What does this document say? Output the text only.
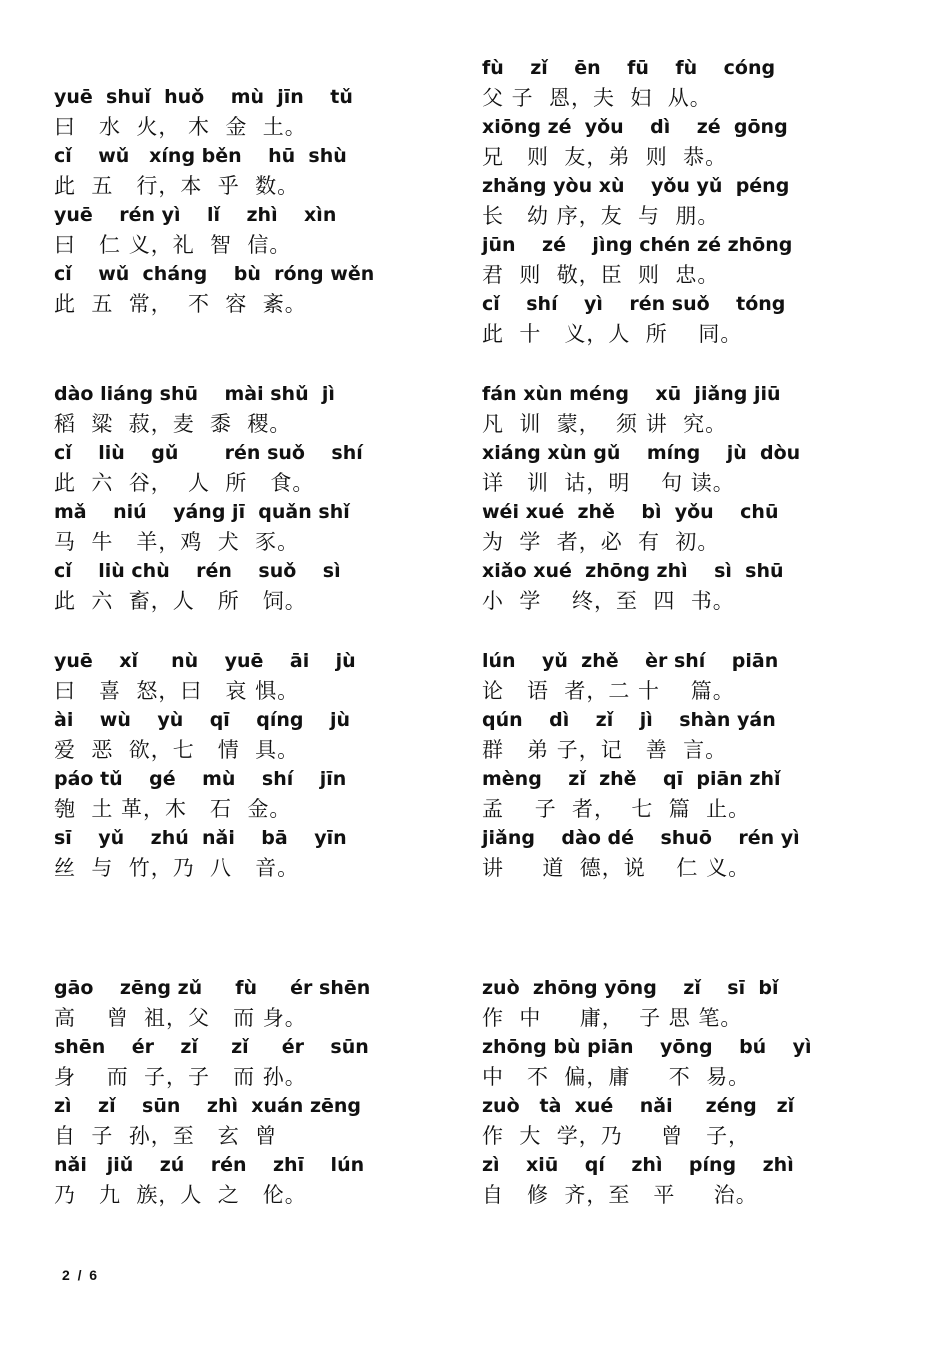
yuē  shuǐ  huǒ    mù  jīn    tǔ
曰   水  火， 木  金  土。
cǐ    wǔ   xíng běn    hū  shù
此  五   行，本  乎  数。
yuē    rén yì    lǐ    zhì    xìn
曰   仁 义，礼  智  信。
cǐ    wǔ  cháng    bù  róng wěn
此  五  常，  不  容  紊。
dào liáng shū    mài shǔ  jì
稻  粱  菽，麦  黍  稷。
cǐ    liù    gǔ       rén suǒ    shí
此  六  谷，  人  所   食。
mǎ    niú    yáng jī  quǎn shǐ
马  牛   羊，鸡  犬  豕。
cǐ    liù chù    rén    suǒ    sì
此  六  畜，人   所   饲。
yuē    xǐ     nù    yuē    āi    jù
曰   喜  怒，曰   哀 惧。
ài    wù    yù    qī    qíng    jù
爱  恶  欲，七   情  具。
páo tǔ    gé    mù    shí    jīn
匏  土 革，木   石  金。
sī    yǔ    zhú  nǎi    bā    yīn
丝  与  竹，乃  八   音。
gāo    zēng zǔ     fù     ér shēn
高    曾  祖，父   而 身。
shēn    ér    zǐ     zǐ     ér    sūn
身    而  子，子   而 孙。
zì    zǐ    sūn    zhì  xuán zēng
自  子  孙，至   玄  曾
nǎi   jiǔ    zú    rén    zhī    lún
乃   九  族，人  之   伦。
fù    zǐ    ēn    fū    fù    cóng
父 子  恩，夫  妇  从。
xiōng zé  yǒu    dì    zé  gōng
兄   则  友，弟  则  恭。
zhǎng yòu xù    yǒu yǔ  péng
长   幼 序，友  与  朋。
jūn    zé    jìng chén zé zhōng
君  则  敬，臣  则  忠。
cǐ    shí    yì    rén suǒ    tóng
此  十   义，人  所    同。
fán xùn méng    xū  jiǎng jiū
凡  训  蒙，  须 讲  究。
xiáng xùn gǔ    míng    jù  dòu
详   训  诂，明    句 读。
wéi xué  zhě    bì  yǒu    chū
为  学  者，必  有  初。
xiǎo xué  zhōng zhì    sì  shū
小  学    终，至  四  书。
lún    yǔ  zhě    èr shí    piān
论   语  者，二 十    篇。
qún    dì    zǐ    jì    shàn yán
群   弟 子，记   善  言。
mèng    zǐ  zhě    qī  piān zhǐ
孟    子  者，  七  篇  止。
jiǎng    dào dé    shuō    rén yì
讲     道  德，说    仁 义。
zuò  zhōng yōng    zǐ    sī  bǐ
作  中     庸，  子 思 笔。
zhōng bù piān    yōng    bú    yì
中   不  偏，庸     不  易。
zuò   tà  xué    nǎi     zéng   zǐ
作  大  学，乃     曾   子，
zì    xiū    qí    zhì    píng    zhì
自   修  齐，至   平     治。
2  /  6
